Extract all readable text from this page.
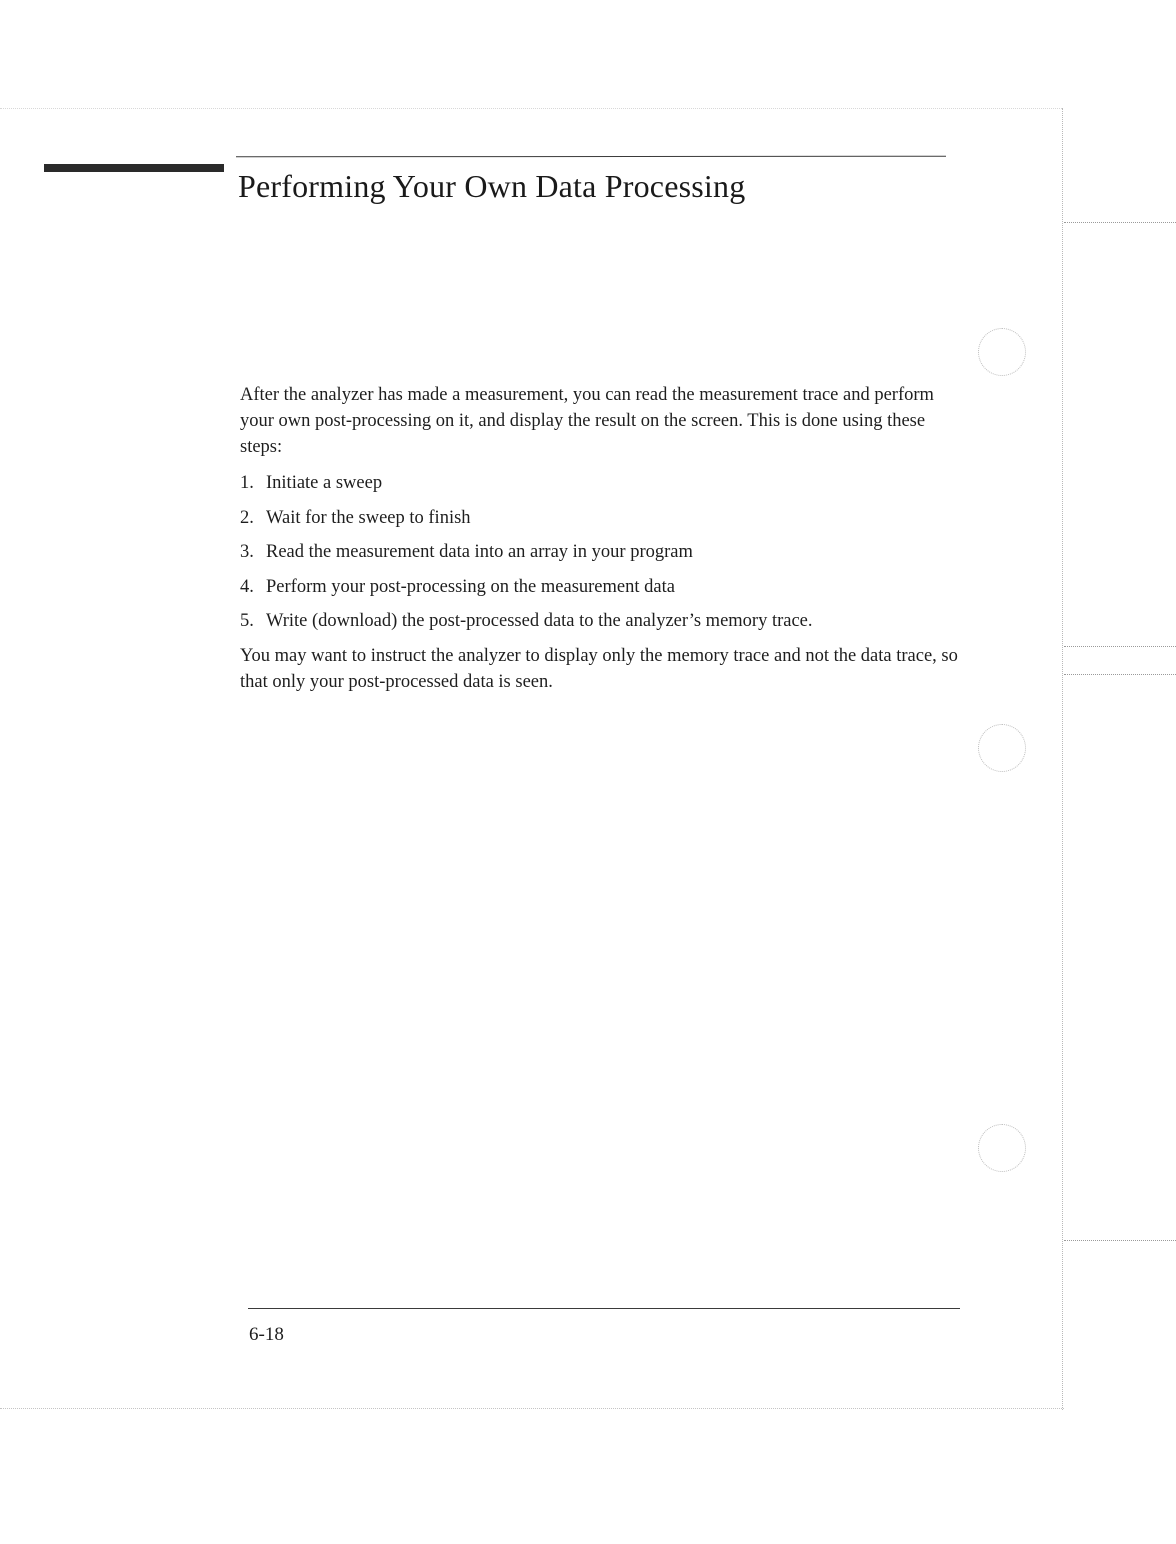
Performing Your Own Data Processing

After the analyzer has made a measurement, you can read the measurement trace and perform your own post-processing on it, and display the result on the screen. This is done using these steps:

1. Initiate a sweep
2. Wait for the sweep to finish
3. Read the measurement data into an array in your program
4. Perform your post-processing on the measurement data
5. Write (download) the post-processed data to the analyzer’s memory trace.

You may want to instruct the analyzer to display only the memory trace and not the data trace, so that only your post-processed data is seen.

6-18
